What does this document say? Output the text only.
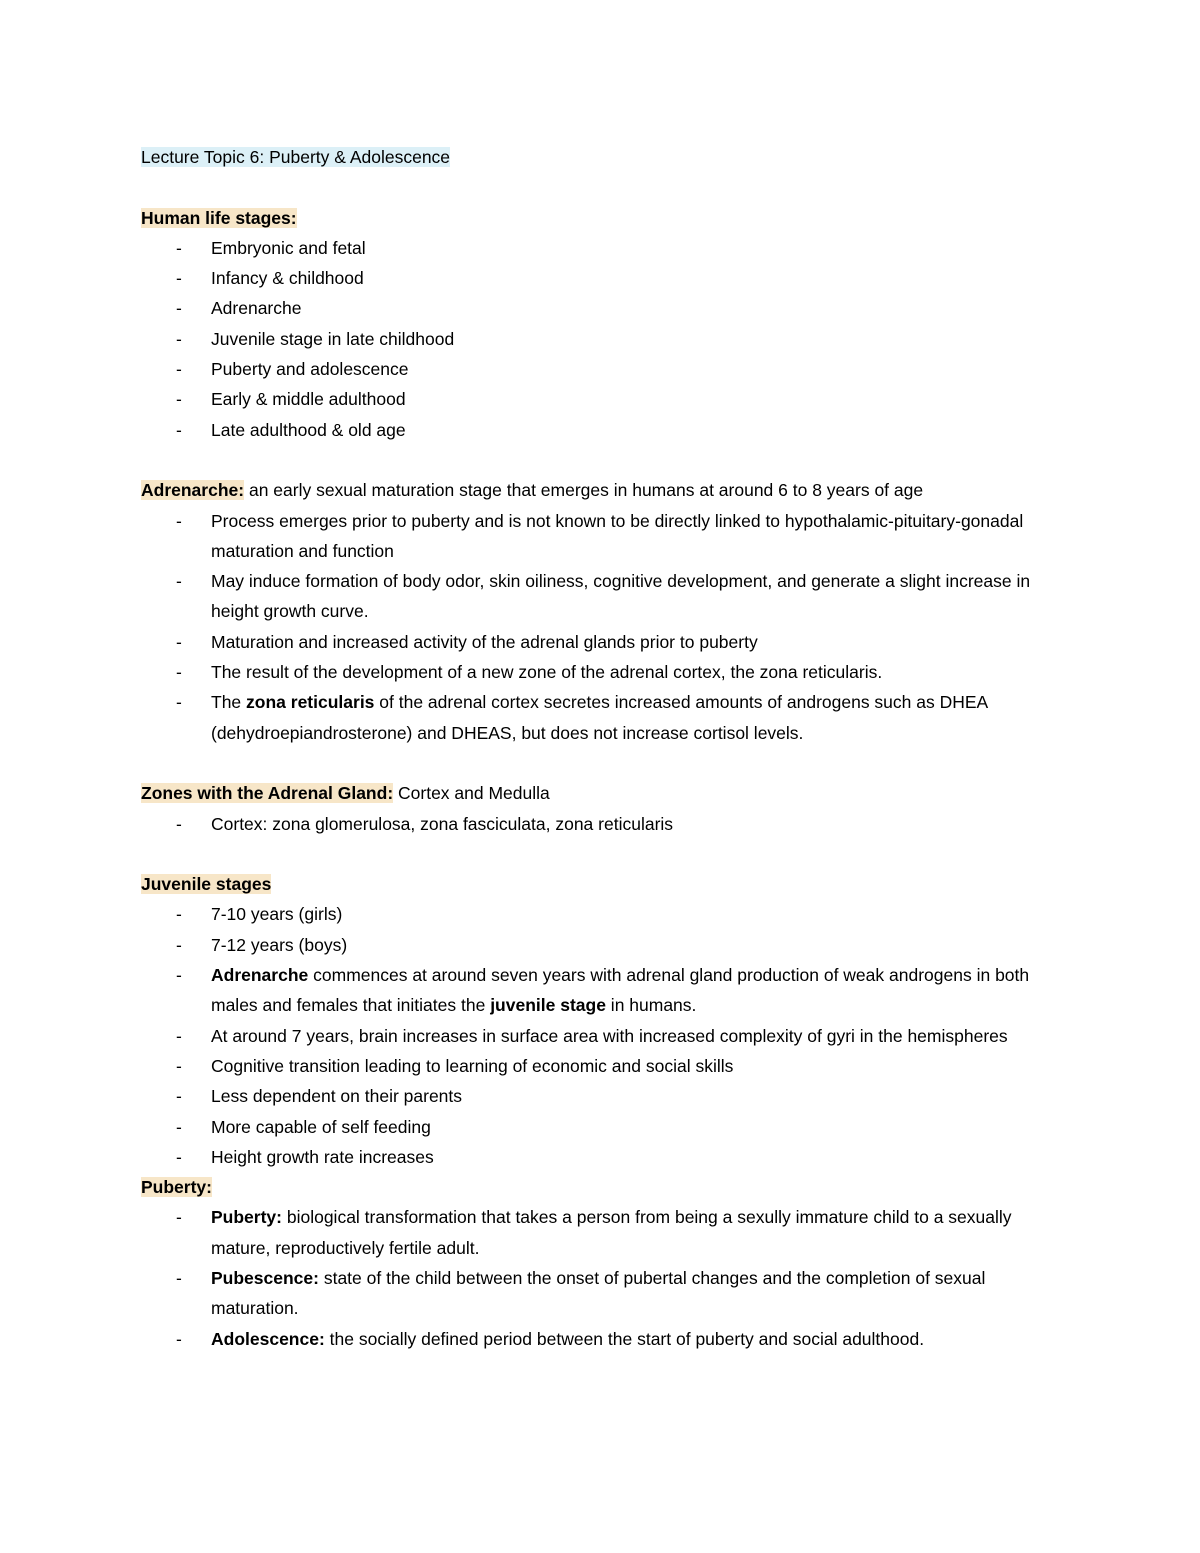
Lecture Topic 6: Puberty & Adolescence
Human life stages:
- Embryonic and fetal
- Infancy & childhood
- Adrenarche
- Juvenile stage in late childhood
- Puberty and adolescence
- Early & middle adulthood
- Late adulthood & old age
Adrenarche: an early sexual maturation stage that emerges in humans at around 6 to 8 years of age
- Process emerges prior to puberty and is not known to be directly linked to hypothalamic-pituitary-gonadal maturation and function
- May induce formation of body odor, skin oiliness, cognitive development, and generate a slight increase in height growth curve.
- Maturation and increased activity of the adrenal glands prior to puberty
- The result of the development of a new zone of the adrenal cortex, the zona reticularis.
- The zona reticularis of the adrenal cortex secretes increased amounts of androgens such as DHEA (dehydroepiandrosterone) and DHEAS, but does not increase cortisol levels.
Zones with the Adrenal Gland: Cortex and Medulla
- Cortex: zona glomerulosa, zona fasciculata, zona reticularis
Juvenile stages
- 7-10 years (girls)
- 7-12 years (boys)
- Adrenarche commences at around seven years with adrenal gland production of weak androgens in both males and females that initiates the juvenile stage in humans.
- At around 7 years, brain increases in surface area with increased complexity of gyri in the hemispheres
- Cognitive transition leading to learning of economic and social skills
- Less dependent on their parents
- More capable of self feeding
- Height growth rate increases
Puberty:
- Puberty: biological transformation that takes a person from being a sexully immature child to a sexually mature, reproductively fertile adult.
- Pubescence: state of the child between the onset of pubertal changes and the completion of sexual maturation.
- Adolescence: the socially defined period between the start of puberty and social adulthood.
